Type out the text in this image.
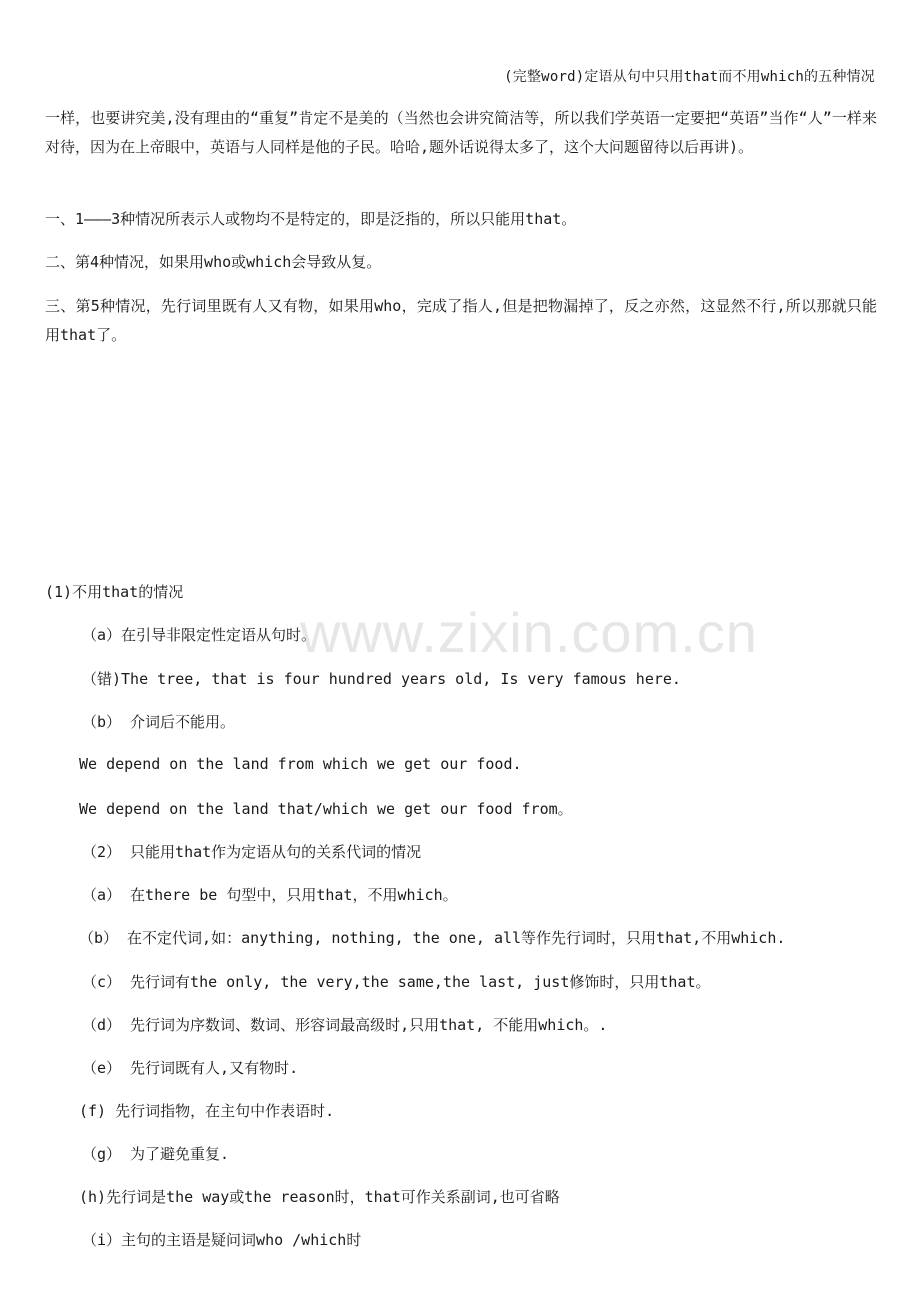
(完整word)定语从句中只用that而不用which的五种情况
一样，也要讲究美,没有理由的“重复”肯定不是美的（当然也会讲究简洁等，所以我们学英语一定要把“英语”当作“人”一样来对待，因为在上帝眼中，英语与人同样是他的子民。哈哈,题外话说得太多了，这个大问题留待以后再讲)。
一、1———3种情况所表示人或物均不是特定的，即是泛指的，所以只能用that。
二、第4种情况，如果用who或which会导致从复。
三、第5种情况，先行词里既有人又有物，如果用who，完成了指人,但是把物漏掉了，反之亦然，这显然不行,所以那就只能用that了。
www.zixin.com.cn
(1)不用that的情况
（a）在引导非限定性定语从句时。
（错)The tree, that is four hundred years old, Is very famous here.
（b） 介词后不能用。
We depend on the land from which we get our food.
We depend on the land that/which we get our food from。
（2） 只能用that作为定语从句的关系代词的情况
（a） 在there be 句型中，只用that，不用which。
（b） 在不定代词,如：anything, nothing, the one, all等作先行词时，只用that,不用which.
（c） 先行词有the only, the very,the same,the last, just修饰时，只用that。
（d） 先行词为序数词、数词、形容词最高级时,只用that, 不能用which。.
（e） 先行词既有人,又有物时.
(f) 先行词指物，在主句中作表语时.
（g） 为了避免重复.
(h)先行词是the way或the reason时，that可作关系副词,也可省略
（i）主句的主语是疑问词who /which时
